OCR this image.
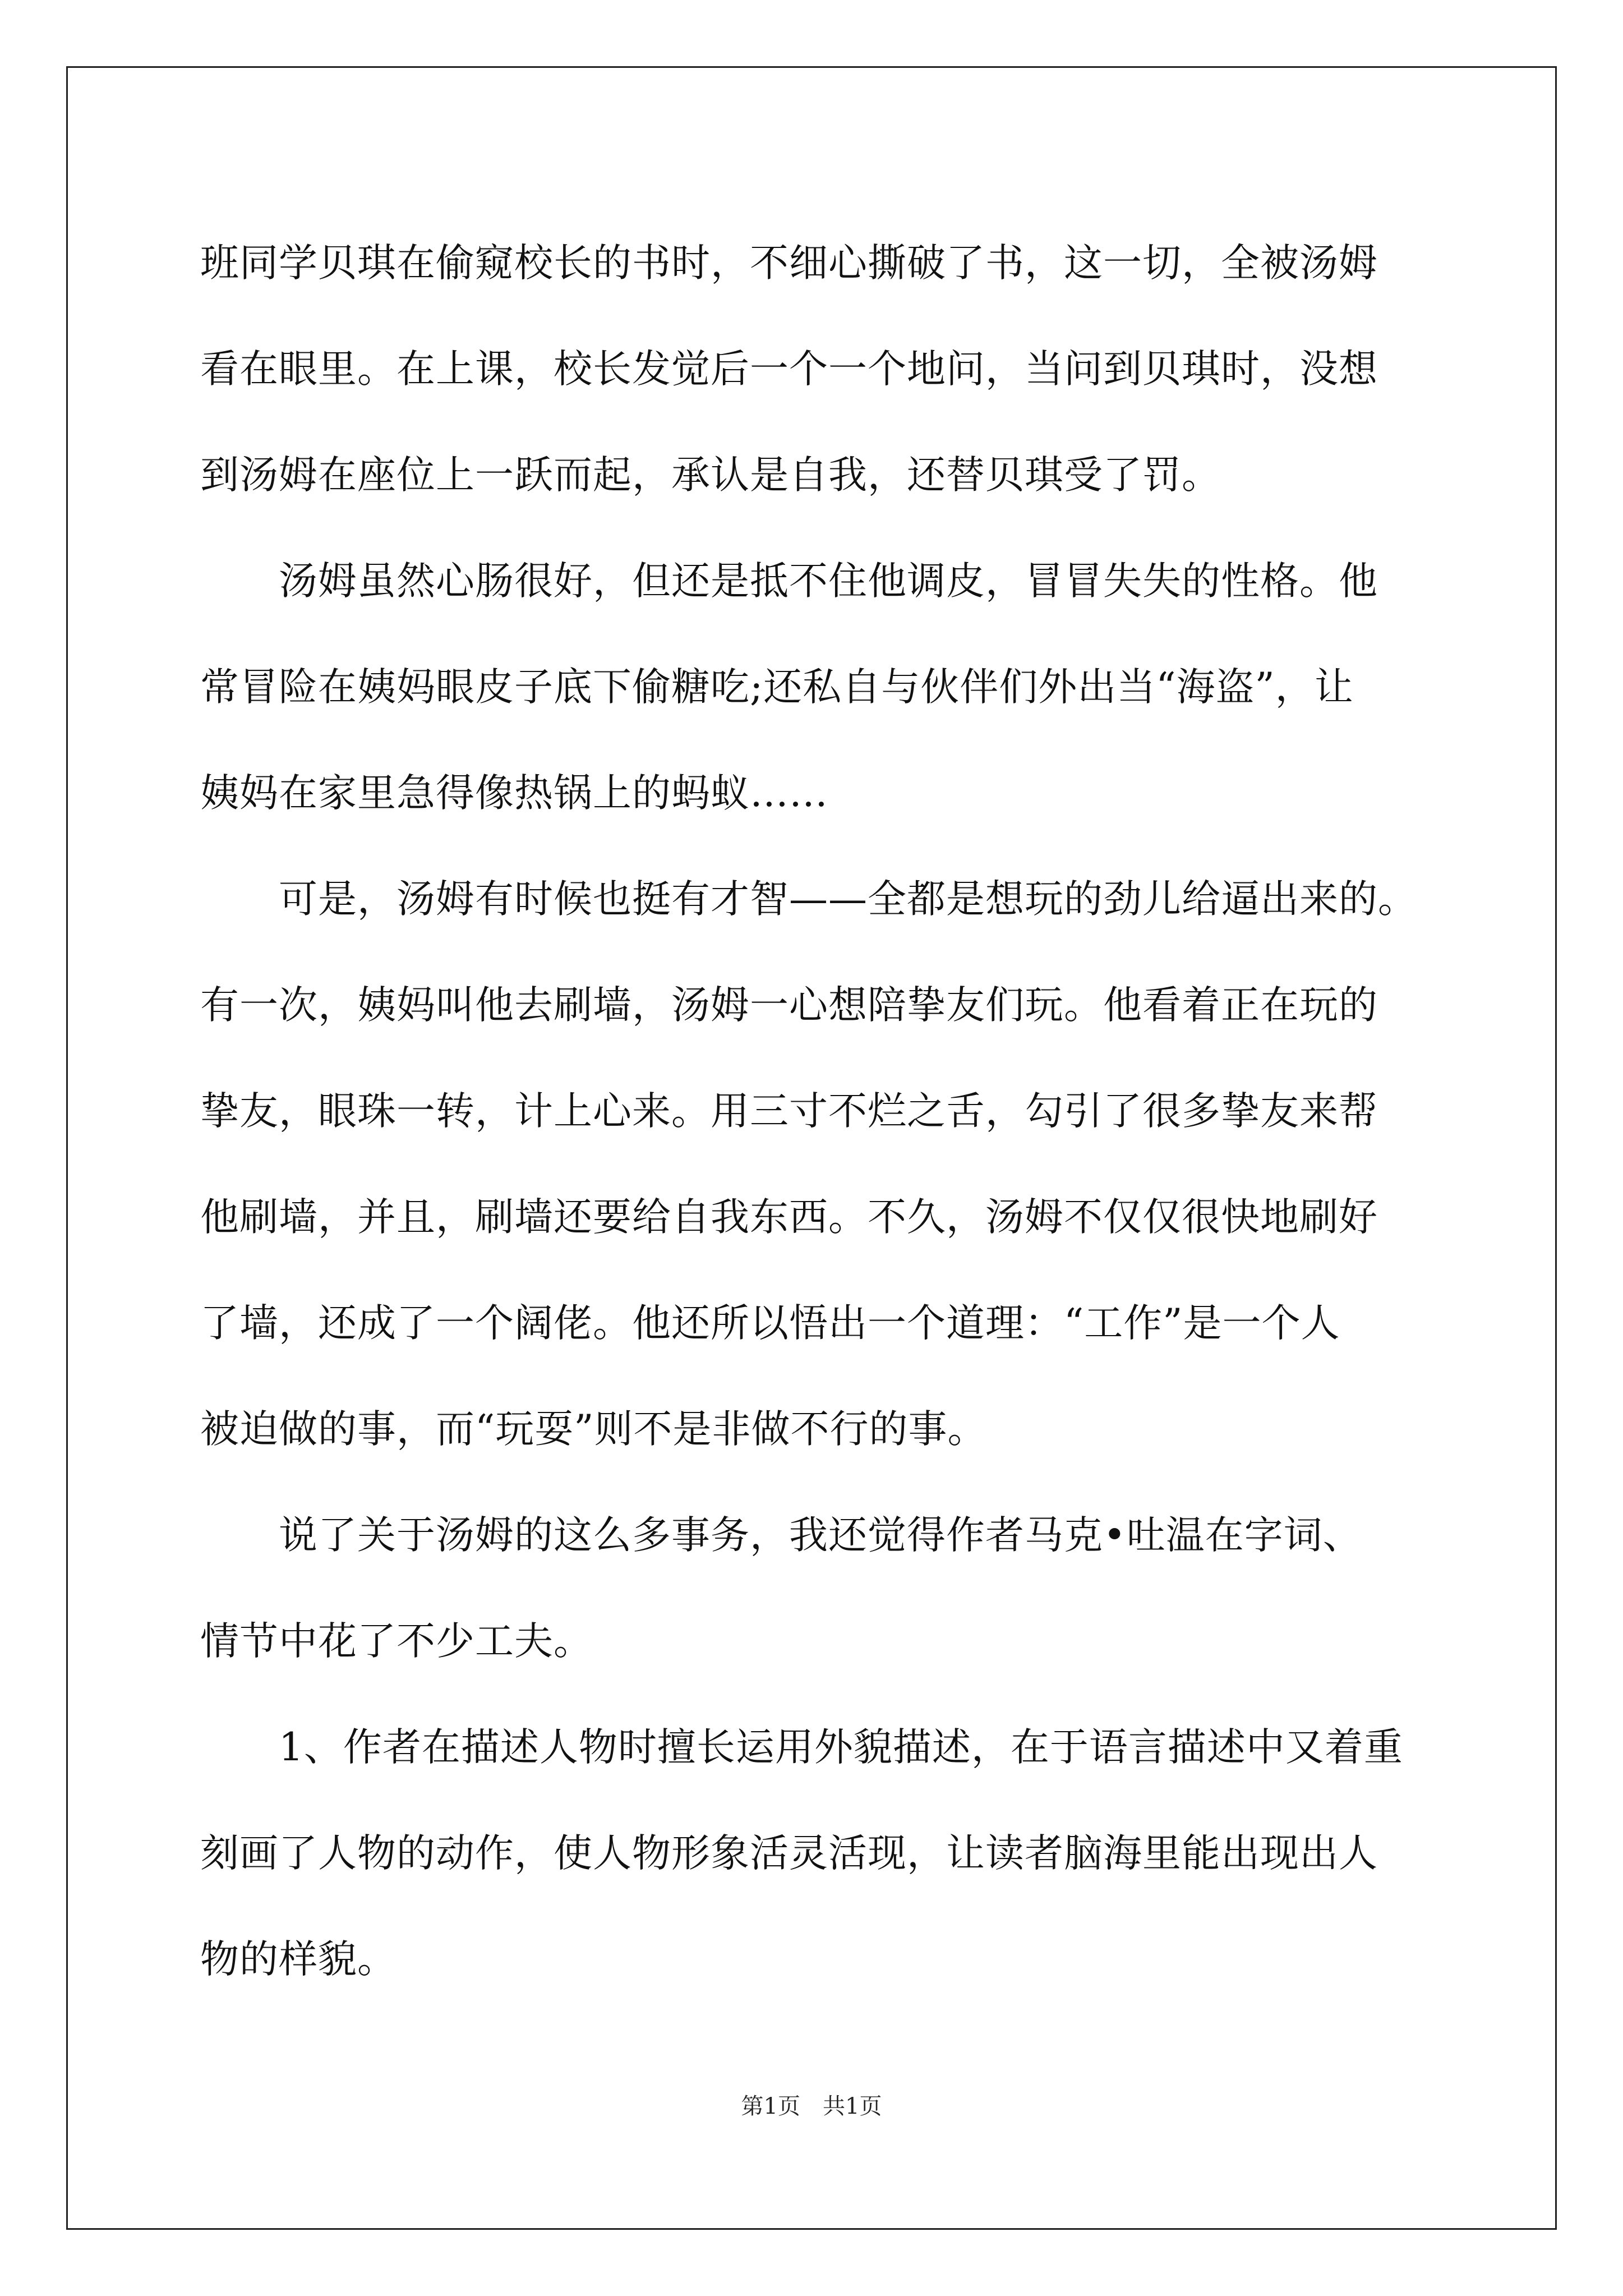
班同学贝琪在偷窥校长的书时，不细心撕破了书，这一切，全被汤姆
看在眼里。在上课，校长发觉后一个一个地问，当问到贝琪时，没想
到汤姆在座位上一跃而起，承认是自我，还替贝琪受了罚。
汤姆虽然心肠很好，但还是抵不住他调皮，冒冒失失的性格。他
常冒险在姨妈眼皮子底下偷糖吃;还私自与伙伴们外出当“海盗”，让
姨妈在家里急得像热锅上的蚂蚁……
可是，汤姆有时候也挺有才智——全都是想玩的劲儿给逼出来的。
有一次，姨妈叫他去刷墙，汤姆一心想陪挚友们玩。他看着正在玩的
挚友，眼珠一转，计上心来。用三寸不烂之舌，勾引了很多挚友来帮
他刷墙，并且，刷墙还要给自我东西。不久，汤姆不仅仅很快地刷好
了墙，还成了一个阔佬。他还所以悟出一个道理：“工作”是一个人
被迫做的事，而“玩耍”则不是非做不行的事。
说了关于汤姆的这么多事务，我还觉得作者马克•吐温在字词、
情节中花了不少工夫。
1、作者在描述人物时擅长运用外貌描述，在于语言描述中又着重
刻画了人物的动作，使人物形象活灵活现，让读者脑海里能出现出人
物的样貌。
第1页　共1页
